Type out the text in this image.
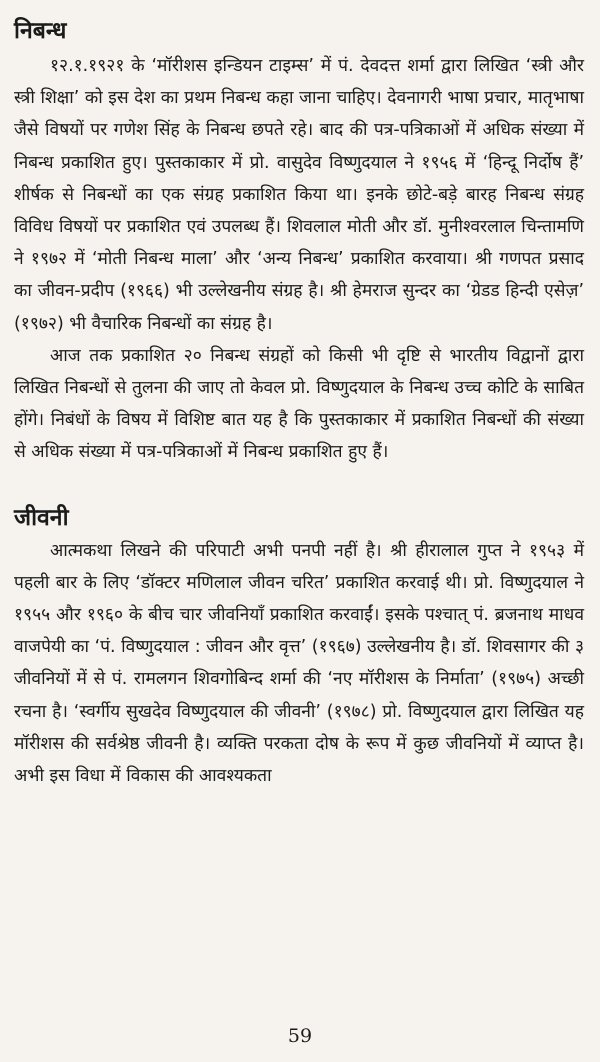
निबन्ध

१२.१.१९२१ के ‘मॉरीशस इन्डियन टाइम्स’ में पं. देवदत्त शर्मा द्वारा लिखित ‘स्त्री और स्त्री शिक्षा’ को इस देश का प्रथम निबन्ध कहा जाना चाहिए। देवनागरी भाषा प्रचार, मातृभाषा जैसे विषयों पर गणेश सिंह के निबन्ध छपते रहे। बाद की पत्र-पत्रिकाओं में अधिक संख्या में निबन्ध प्रकाशित हुए। पुस्तकाकार में प्रो. वासुदेव विष्णुदयाल ने १९५६ में ‘हिन्दू निर्दोष हैं’ शीर्षक से निबन्धों का एक संग्रह प्रकाशित किया था। इनके छोटे-बड़े बारह निबन्ध संग्रह विविध विषयों पर प्रकाशित एवं उपलब्ध हैं। शिवलाल मोती और डॉ. मुनीश्वरलाल चिन्तामणि ने १९७२ में ‘मोती निबन्ध माला’ और ‘अन्य निबन्ध’ प्रकाशित करवाया। श्री गणपत प्रसाद का जीवन-प्रदीप (१९६६) भी उल्लेखनीय संग्रह है। श्री हेमराज सुन्दर का ‘ग्रेडड हिन्दी एसेज़’ (१९७२) भी वैचारिक निबन्धों का संग्रह है।

आज तक प्रकाशित २० निबन्ध संग्रहों को किसी भी दृष्टि से भारतीय विद्वानों द्वारा लिखित निबन्धों से तुलना की जाए तो केवल प्रो. विष्णुदयाल के निबन्ध उच्च कोटि के साबित होंगे। निबंधों के विषय में विशिष्ट बात यह है कि पुस्तकाकार में प्रकाशित निबन्धों की संख्या से अधिक संख्या में पत्र-पत्रिकाओं में निबन्ध प्रकाशित हुए हैं।

जीवनी

आत्मकथा लिखने की परिपाटी अभी पनपी नहीं है। श्री हीरालाल गुप्त ने १९५३ में पहली बार के लिए ‘डॉक्टर मणिलाल जीवन चरित’ प्रकाशित करवाई थी। प्रो. विष्णुदयाल ने १९५५ और १९६० के बीच चार जीवनियाँ प्रकाशित करवाईं। इसके पश्चात् पं. ब्रजनाथ माधव वाजपेयी का ‘पं. विष्णुदयाल : जीवन और वृत्त’ (१९६७) उल्लेखनीय है। डॉ. शिवसागर की ३ जीवनियों में से पं. रामलगन शिवगोबिन्द शर्मा की ‘नए मॉरीशस के निर्माता’ (१९७५) अच्छी रचना है। ‘स्वर्गीय सुखदेव विष्णुदयाल की जीवनी’ (१९७८) प्रो. विष्णुदयाल द्वारा लिखित यह मॉरीशस की सर्वश्रेष्ठ जीवनी है। व्यक्ति परकता दोष के रूप में कुछ जीवनियों में व्याप्त है। अभी इस विधा में विकास की आवश्यकता

59
